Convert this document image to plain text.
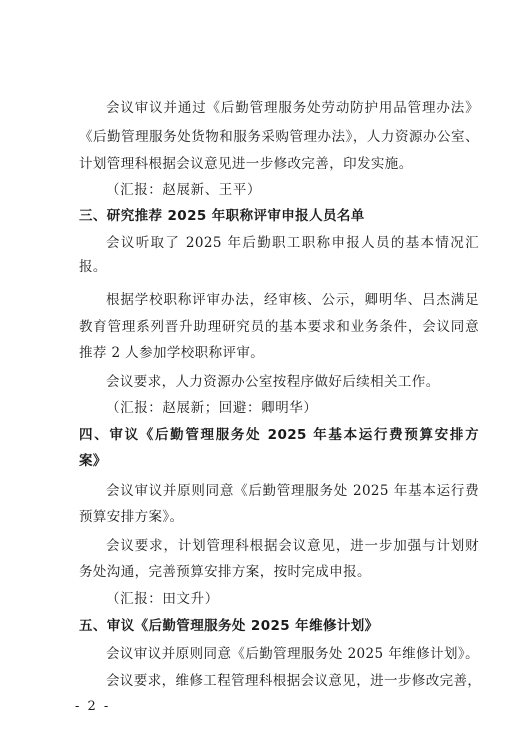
会议审议并通过《后勤管理服务处劳动防护用品管理办法》
《后勤管理服务处货物和服务采购管理办法》，人力资源办公室、
计划管理科根据会议意见进一步修改完善，印发实施。
（汇报：赵展新、王平）
三、研究推荐 2025 年职称评审申报人员名单
会议听取了 2025 年后勤职工职称申报人员的基本情况汇
报。
根据学校职称评审办法，经审核、公示，卿明华、吕杰满足
教育管理系列晋升助理研究员的基本要求和业务条件，会议同意
推荐 2 人参加学校职称评审。
会议要求，人力资源办公室按程序做好后续相关工作。
（汇报：赵展新；回避：卿明华）
四、审议《后勤管理服务处 2025 年基本运行费预算安排方
案》
会议审议并原则同意《后勤管理服务处 2025 年基本运行费
预算安排方案》。
会议要求，计划管理科根据会议意见，进一步加强与计划财
务处沟通，完善预算安排方案，按时完成申报。
（汇报：田文升）
五、审议《后勤管理服务处 2025 年维修计划》
会议审议并原则同意《后勤管理服务处 2025 年维修计划》。
会议要求，维修工程管理科根据会议意见，进一步修改完善，
- 2 -
